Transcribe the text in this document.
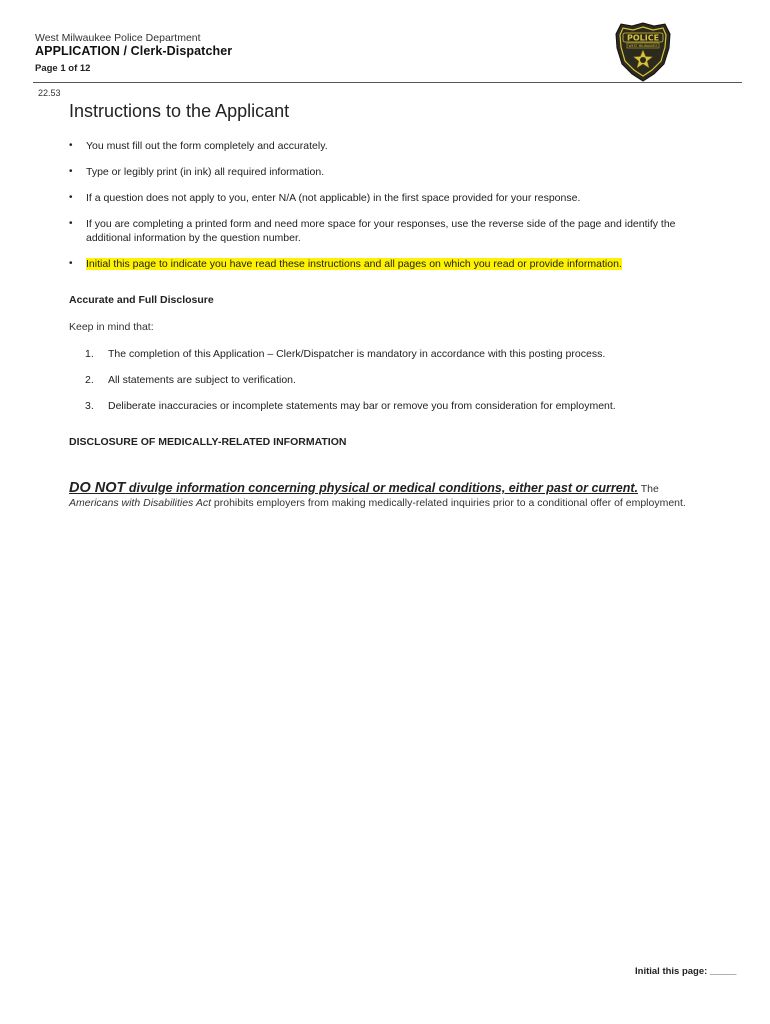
West Milwaukee Police Department
APPLICATION / Clerk-Dispatcher
Page 1 of 12
POLICE
WEST MILWAUKEE
22.53
Instructions to the Applicant
• You must fill out the form completely and accurately.
• Type or legibly print (in ink) all required information.
• If a question does not apply to you, enter N/A (not applicable) in the first space provided for your response.
• If you are completing a printed form and need more space for your responses, use the reverse side of the page and identify the additional information by the question number.
• Initial this page to indicate you have read these instructions and all pages on which you read or provide information.
Accurate and Full Disclosure
Keep in mind that:
1. The completion of this Application – Clerk/Dispatcher is mandatory in accordance with this posting process.
2. All statements are subject to verification.
3. Deliberate inaccuracies or incomplete statements may bar or remove you from consideration for employment.
DISCLOSURE OF MEDICALLY-RELATED INFORMATION
DO NOT divulge information concerning physical or medical conditions, either past or current. The
Americans with Disabilities Act prohibits employers from making medically-related inquiries prior to a conditional offer of employment.
Initial this page: _____
